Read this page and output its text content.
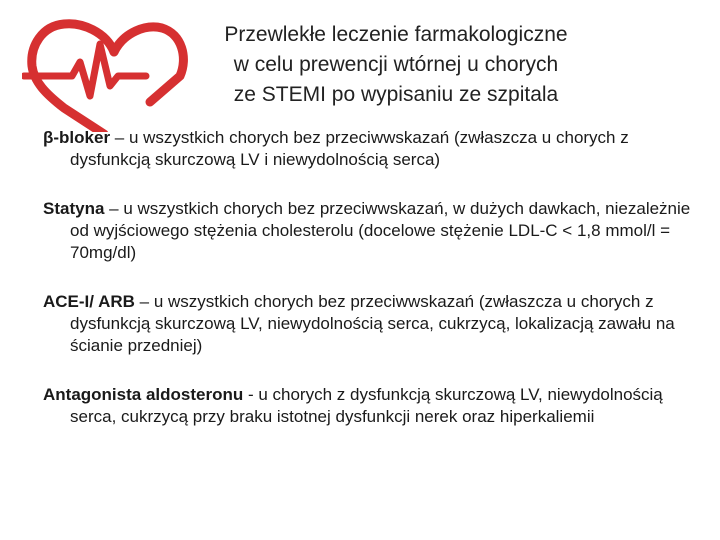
Przewlekłe leczenie farmakologiczne
w celu prewencji wtórnej u chorych
ze STEMI po wypisaniu ze szpitala

β-bloker – u wszystkich chorych bez przeciwwskazań (zwłaszcza u chorych z dysfunkcją skurczową LV i niewydolnością serca)

Statyna – u wszystkich chorych bez przeciwwskazań, w dużych dawkach, niezależnie od wyjściowego stężenia cholesterolu (docelowe stężenie LDL-C < 1,8 mmol/l = 70mg/dl)

ACE-I/ ARB – u wszystkich chorych bez przeciwwskazań (zwłaszcza u chorych z dysfunkcją skurczową LV, niewydolnością serca, cukrzycą, lokalizacją zawału na ścianie przedniej)

Antagonista aldosteronu - u chorych z dysfunkcją skurczową LV, niewydolnością serca, cukrzycą przy braku istotnej dysfunkcji nerek oraz hiperkaliemii
